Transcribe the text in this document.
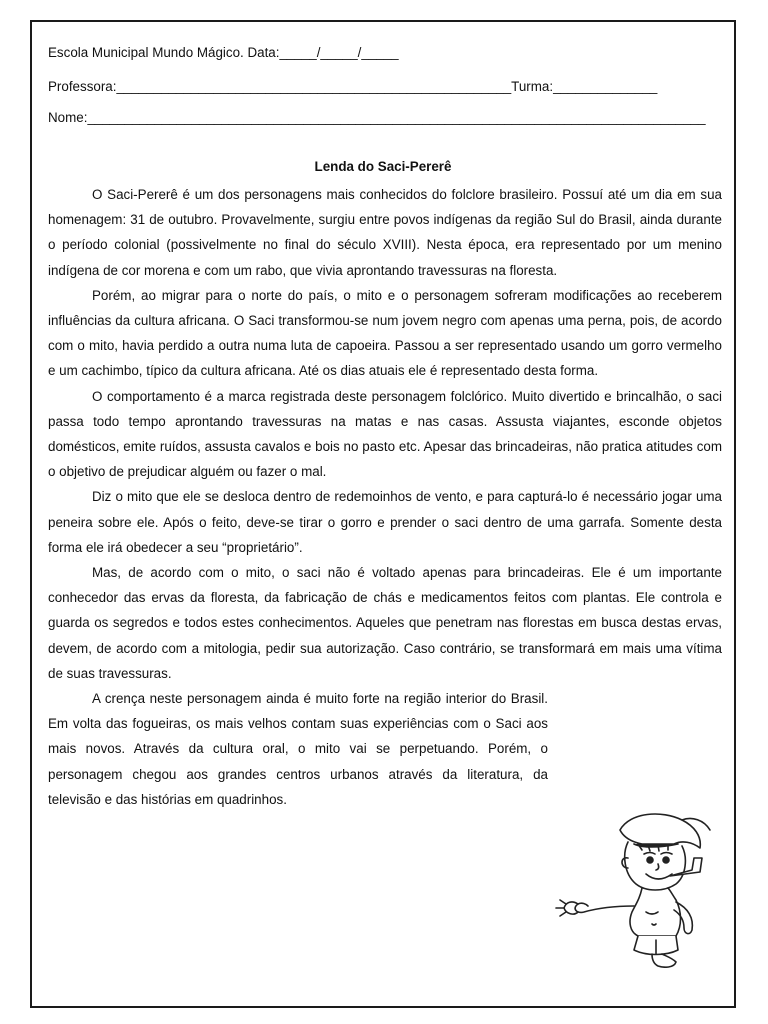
Escola Municipal Mundo Mágico. Data:_____/_____/_____
Professora:_____________________________________________________Turma:______________
Nome:___________________________________________________________________________________
Lenda do Saci-Pererê

O Saci-Pererê é um dos personagens mais conhecidos do folclore brasileiro. Possuí até um dia em sua homenagem: 31 de outubro. Provavelmente, surgiu entre povos indígenas da região Sul do Brasil, ainda durante o período colonial (possivelmente no final do século XVIII). Nesta época, era representado por um menino indígena de cor morena e com um rabo, que vivia aprontando travessuras na floresta.

Porém, ao migrar para o norte do país, o mito e o personagem sofreram modificações ao receberem influências da cultura africana. O Saci transformou-se num jovem negro com apenas uma perna, pois, de acordo com o mito, havia perdido a outra numa luta de capoeira. Passou a ser representado usando um gorro vermelho e um cachimbo, típico da cultura africana. Até os dias atuais ele é representado desta forma.

O comportamento é a marca registrada deste personagem folclórico. Muito divertido e brincalhão, o saci passa todo tempo aprontando travessuras na matas e nas casas. Assusta viajantes, esconde objetos domésticos, emite ruídos, assusta cavalos e bois no pasto etc. Apesar das brincadeiras, não pratica atitudes com o objetivo de prejudicar alguém ou fazer o mal.

Diz o mito que ele se desloca dentro de redemoinhos de vento, e para capturá-lo é necessário jogar uma peneira sobre ele. Após o feito, deve-se tirar o gorro e prender o saci dentro de uma garrafa. Somente desta forma ele irá obedecer a seu “proprietário”.

Mas, de acordo com o mito, o saci não é voltado apenas para brincadeiras. Ele é um importante conhecedor das ervas da floresta, da fabricação de chás e medicamentos feitos com plantas. Ele controla e guarda os segredos e todos estes conhecimentos. Aqueles que penetram nas florestas em busca destas ervas, devem, de acordo com a mitologia, pedir sua autorização. Caso contrário, se transformará em mais uma vítima de suas travessuras.

A crença neste personagem ainda é muito forte na região interior do Brasil. Em volta das fogueiras, os mais velhos contam suas experiências com o Saci aos mais novos. Através da cultura oral, o mito vai se perpetuando. Porém, o personagem chegou aos grandes centros urbanos através da literatura, da televisão e das histórias em quadrinhos.
